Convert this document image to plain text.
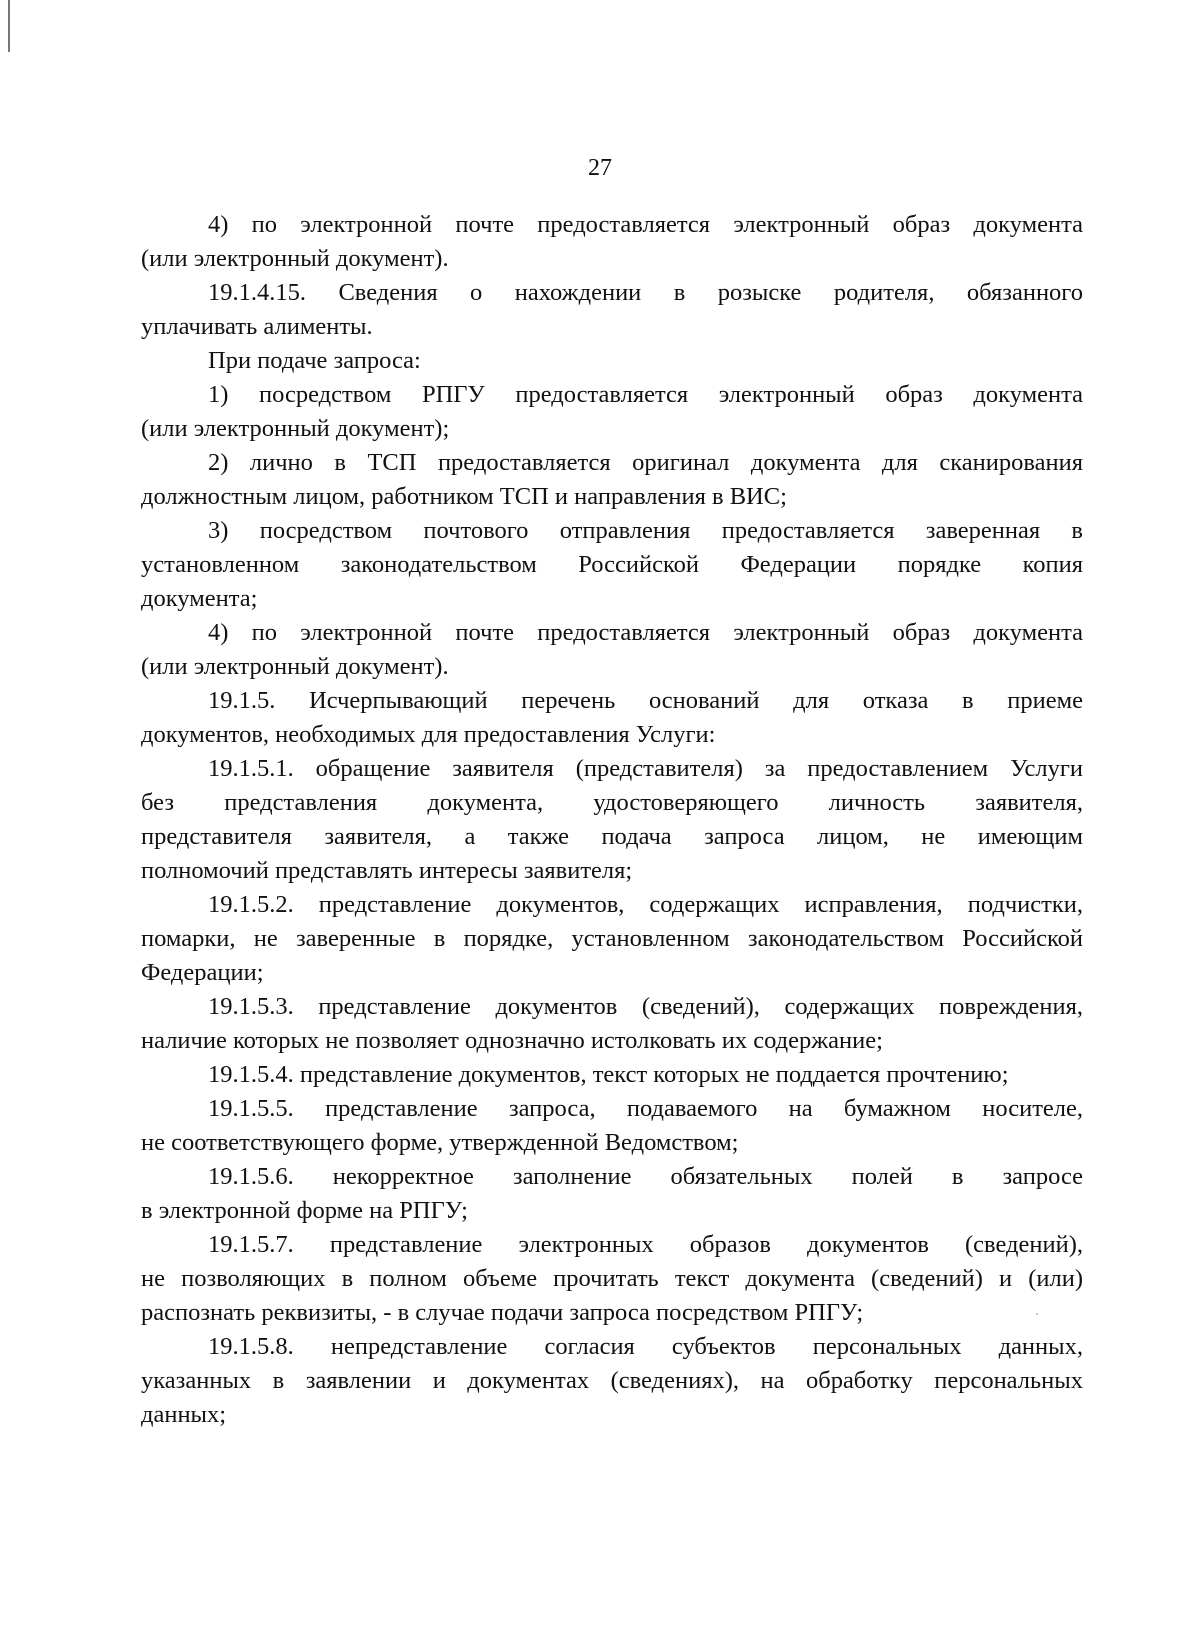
27

4) по электронной почте предоставляется электронный образ документа
(или электронный документ).

19.1.4.15. Сведения о нахождении в розыске родителя, обязанного
уплачивать алименты.

При подаче запроса:

1) посредством РПГУ предоставляется электронный образ документа
(или электронный документ);

2) лично в ТСП предоставляется оригинал документа для сканирования
должностным лицом, работником ТСП и направления в ВИС;

3) посредством почтового отправления предоставляется заверенная в
установленном законодательством Российской Федерации порядке копия
документа;

4) по электронной почте предоставляется электронный образ документа
(или электронный документ).

19.1.5. Исчерпывающий перечень оснований для отказа в приеме
документов, необходимых для предоставления Услуги:

19.1.5.1. обращение заявителя (представителя) за предоставлением Услуги
без представления документа, удостоверяющего личность заявителя,
представителя заявителя, а также подача запроса лицом, не имеющим
полномочий представлять интересы заявителя;

19.1.5.2. представление документов, содержащих исправления, подчистки,
помарки, не заверенные в порядке, установленном законодательством Российской
Федерации;

19.1.5.3. представление документов (сведений), содержащих повреждения,
наличие которых не позволяет однозначно истолковать их содержание;

19.1.5.4. представление документов, текст которых не поддается прочтению;

19.1.5.5. представление запроса, подаваемого на бумажном носителе,
не соответствующего форме, утвержденной Ведомством;

19.1.5.6. некорректное заполнение обязательных полей в запросе
в электронной форме на РПГУ;

19.1.5.7. представление электронных образов документов (сведений),
не позволяющих в полном объеме прочитать текст документа (сведений) и (или)
распознать реквизиты, - в случае подачи запроса посредством РПГУ;

19.1.5.8. непредставление согласия субъектов персональных данных,
указанных в заявлении и документах (сведениях), на обработку персональных
данных;
